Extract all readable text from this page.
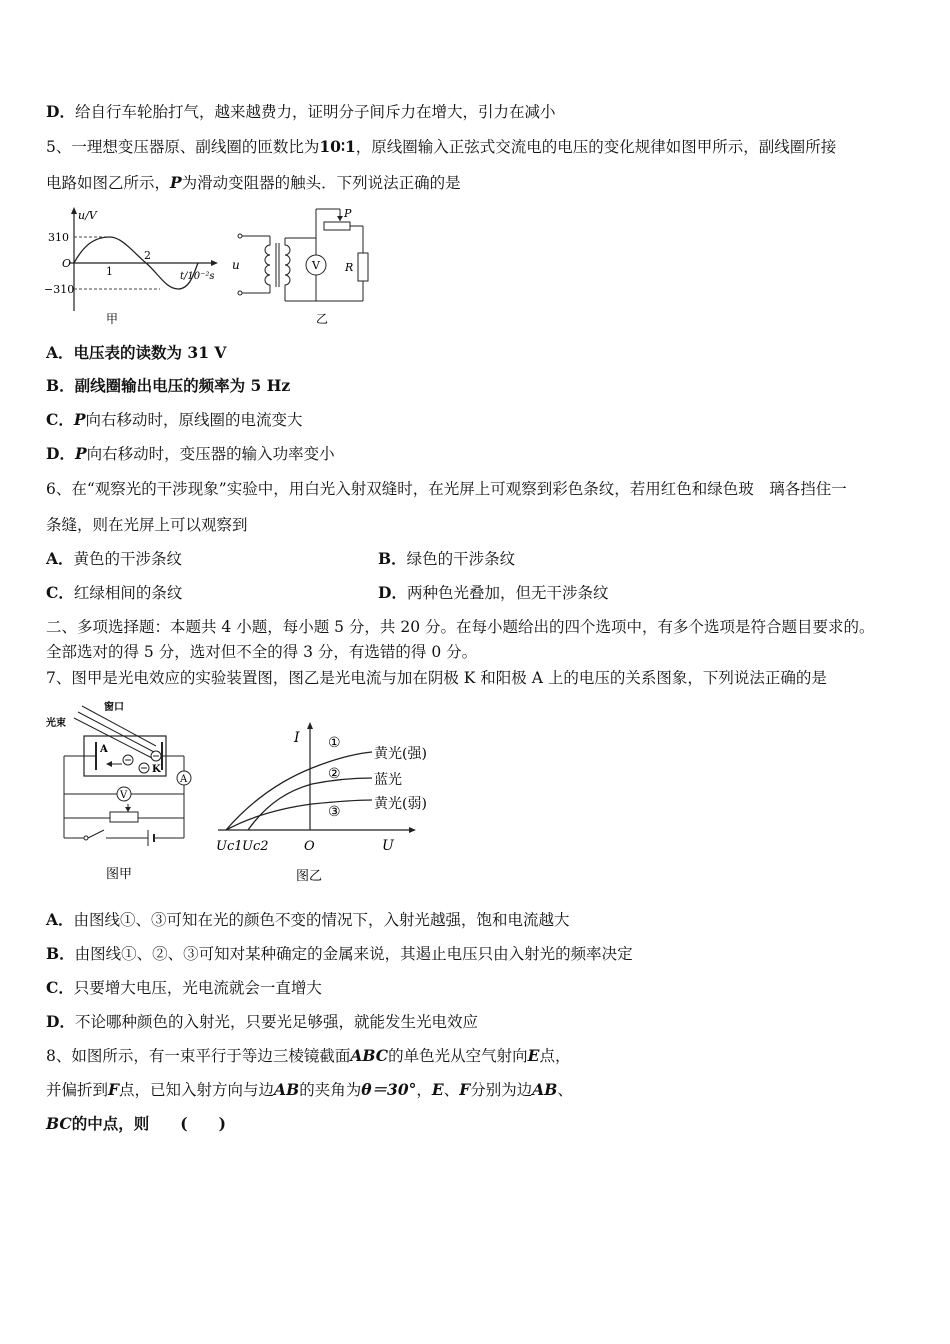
D．给自行车轮胎打气，越来越费力，证明分子间斥力在增大，引力在减小
5、一理想变压器原、副线圈的匝数比为10∶1，原线圈输入正弦式交流电的电压的变化规律如图甲所示，副线圈所接
电路如图乙所示，P为滑动变阻器的触头．下列说法正确的是
u/V
310
O
−310
1
2
t/10⁻²s
甲
V
u
P
R
乙
A．电压表的读数为 31 V
B．副线圈输出电压的频率为 5 Hz
C．P向右移动时，原线圈的电流变大
D．P向右移动时，变压器的输入功率变小
6、在“观察光的干涉现象”实验中，用白光入射双缝时，在光屏上可观察到彩色条纹，若用红色和绿色玻　璃各挡住一
条缝，则在光屏上可以观察到
A．黄色的干涉条纹	B．绿色的干涉条纹
C．红绿相间的条纹	D．两种色光叠加，但无干涉条纹
二、多项选择题：本题共 4 小题，每小题 5 分，共 20 分。在每小题给出的四个选项中，有多个选项是符合题目要求的。
全部选对的得 5 分，选对但不全的得 3 分，有选错的得 0 分。
7、图甲是光电效应的实验装置图，图乙是光电流与加在阴极 K 和阳极 A 上的电压的关系图象，下列说法正确的是
光束
窗口
A
K
A
V
图甲
I ①
②
③
黄光(强)
蓝光
黄光(弱)
Uc1 Uc2	O	U
图乙
A．由图线①、③可知在光的颜色不变的情况下，入射光越强，饱和电流越大
B．由图线①、②、③可知对某种确定的金属来说，其遏止电压只由入射光的频率决定
C．只要增大电压，光电流就会一直增大
D．不论哪种颜色的入射光，只要光足够强，就能发生光电效应
8、如图所示，有一束平行于等边三棱镜截面ABC的单色光从空气射向E点，
并偏折到F点，已知入射方向与边AB的夹角为θ＝30°，E、F分别为边AB、
BC的中点，则　　(　　)
